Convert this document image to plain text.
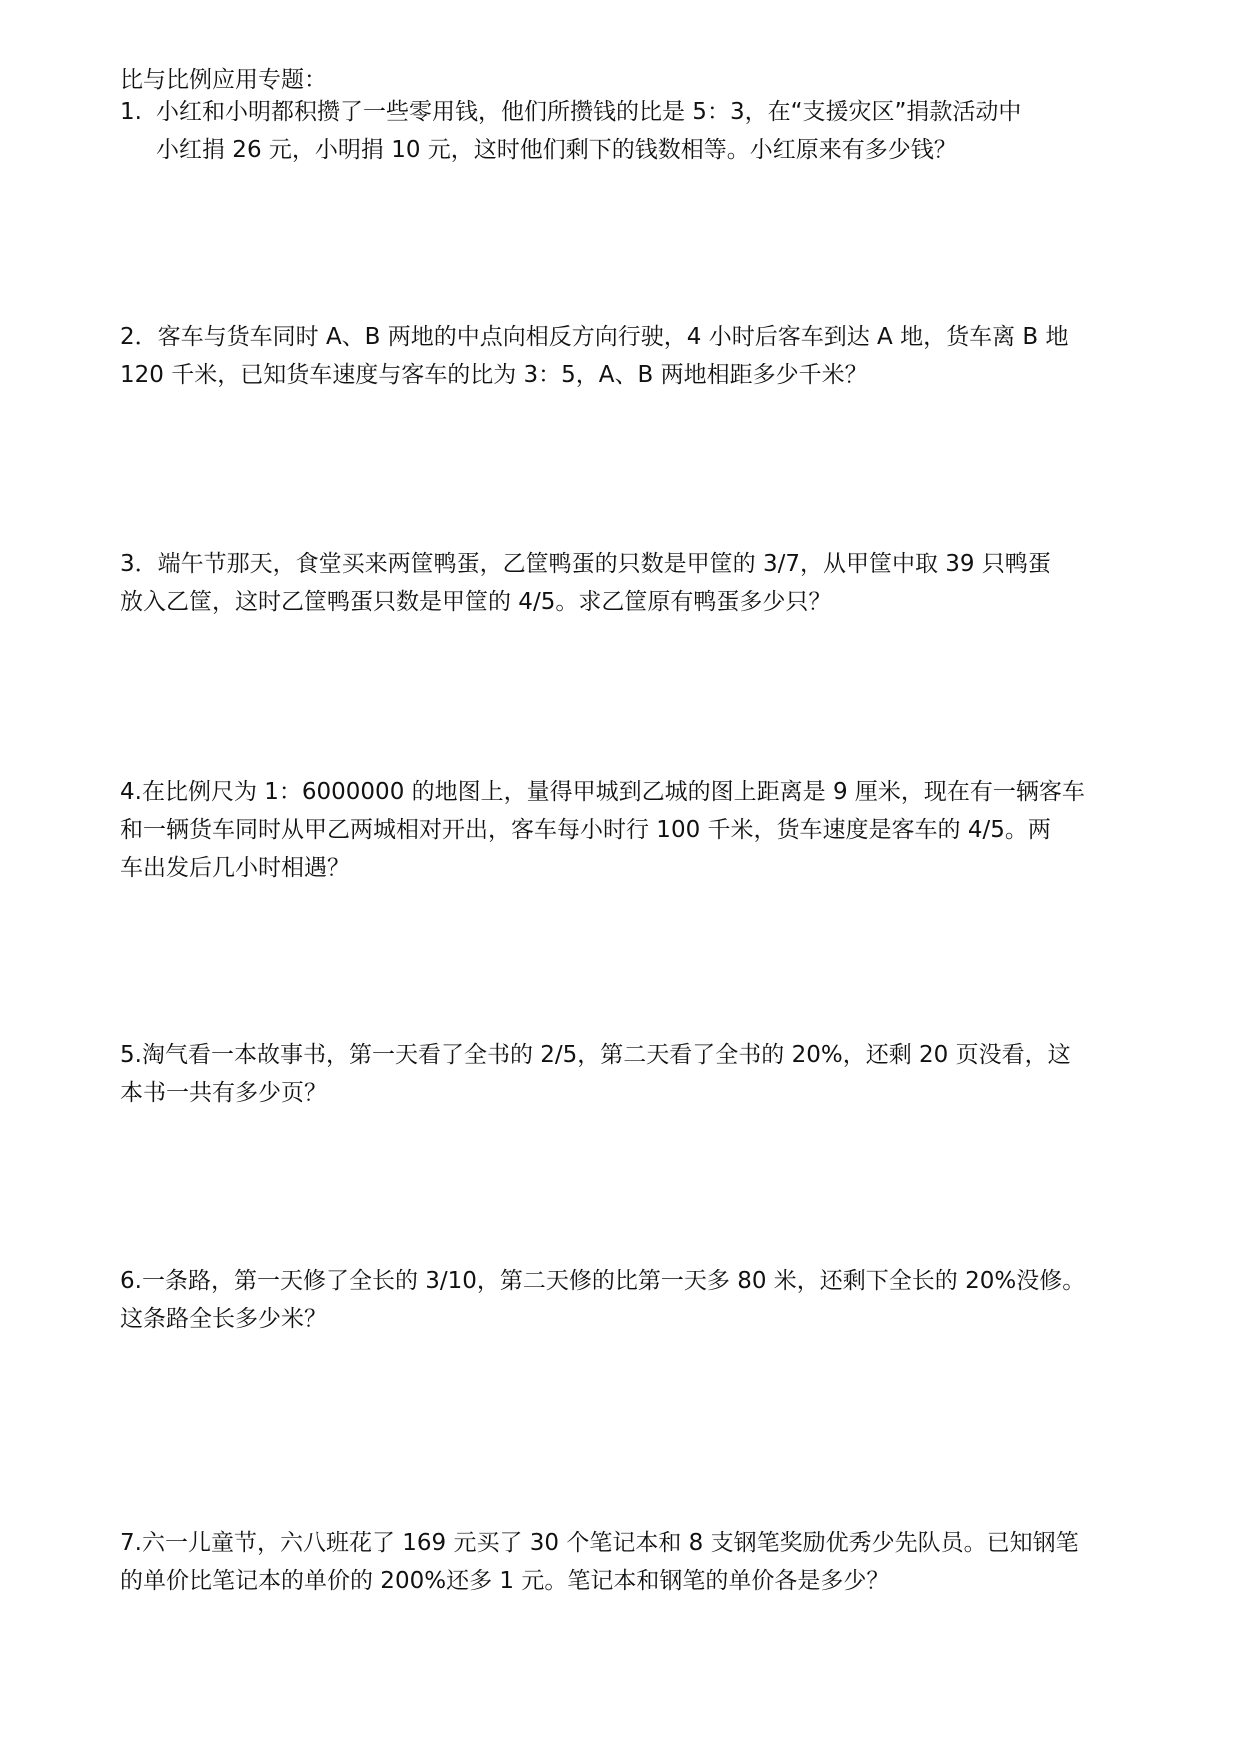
比与比例应用专题：
1. 小红和小明都积攒了一些零用钱，他们所攒钱的比是 5：3，在“支援灾区”捐款活动中
小红捐 26 元，小明捐 10 元，这时他们剩下的钱数相等。小红原来有多少钱？
2．客车与货车同时 A、B 两地的中点向相反方向行驶，4 小时后客车到达 A 地，货车离 B 地
120 千米，已知货车速度与客车的比为 3：5，A、B 两地相距多少千米？
3．端午节那天，食堂买来两筐鸭蛋，乙筐鸭蛋的只数是甲筐的 3/7，从甲筐中取 39 只鸭蛋
放入乙筐，这时乙筐鸭蛋只数是甲筐的 4/5。求乙筐原有鸭蛋多少只？
4.在比例尺为 1：6000000 的地图上，量得甲城到乙城的图上距离是 9 厘米，现在有一辆客车
和一辆货车同时从甲乙两城相对开出，客车每小时行 100 千米，货车速度是客车的 4/5。两
车出发后几小时相遇？
5.淘气看一本故事书，第一天看了全书的 2/5，第二天看了全书的 20%，还剩 20 页没看，这
本书一共有多少页？
6.一条路，第一天修了全长的 3/10，第二天修的比第一天多 80 米，还剩下全长的 20%没修。
这条路全长多少米？
7.六一儿童节，六八班花了 169 元买了 30 个笔记本和 8 支钢笔奖励优秀少先队员。已知钢笔
的单价比笔记本的单价的 200%还多 1 元。笔记本和钢笔的单价各是多少？
